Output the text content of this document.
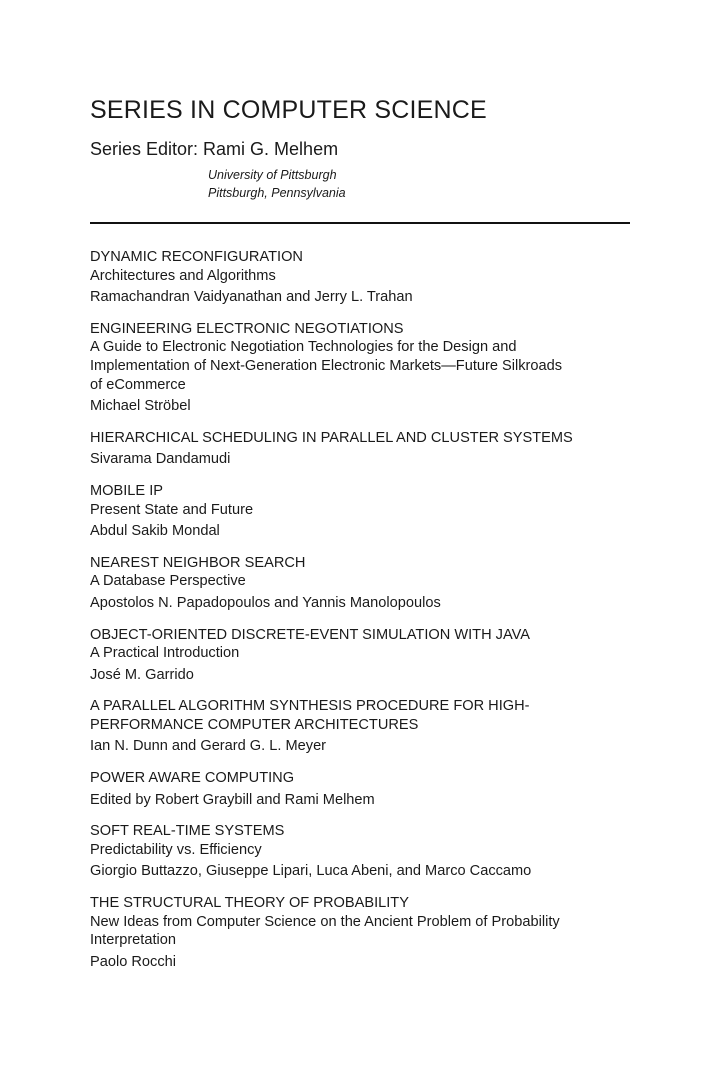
SERIES IN COMPUTER SCIENCE
Series Editor: Rami G. Melhem
University of Pittsburgh
Pittsburgh, Pennsylvania
DYNAMIC RECONFIGURATION
Architectures and Algorithms
Ramachandran Vaidyanathan and Jerry L. Trahan
ENGINEERING ELECTRONIC NEGOTIATIONS
A Guide to Electronic Negotiation Technologies for the Design and
Implementation of Next-Generation Electronic Markets—Future Silkroads
of eCommerce
Michael Ströbel
HIERARCHICAL SCHEDULING IN PARALLEL AND CLUSTER SYSTEMS
Sivarama Dandamudi
MOBILE IP
Present State and Future
Abdul Sakib Mondal
NEAREST NEIGHBOR SEARCH
A Database Perspective
Apostolos N. Papadopoulos and Yannis Manolopoulos
OBJECT-ORIENTED DISCRETE-EVENT SIMULATION WITH JAVA
A Practical Introduction
José M. Garrido
A PARALLEL ALGORITHM SYNTHESIS PROCEDURE FOR HIGH-
PERFORMANCE COMPUTER ARCHITECTURES
Ian N. Dunn and Gerard G. L. Meyer
POWER AWARE COMPUTING
Edited by Robert Graybill and Rami Melhem
SOFT REAL-TIME SYSTEMS
Predictability vs. Efficiency
Giorgio Buttazzo, Giuseppe Lipari, Luca Abeni, and Marco Caccamo
THE STRUCTURAL THEORY OF PROBABILITY
New Ideas from Computer Science on the Ancient Problem of Probability
Interpretation
Paolo Rocchi
